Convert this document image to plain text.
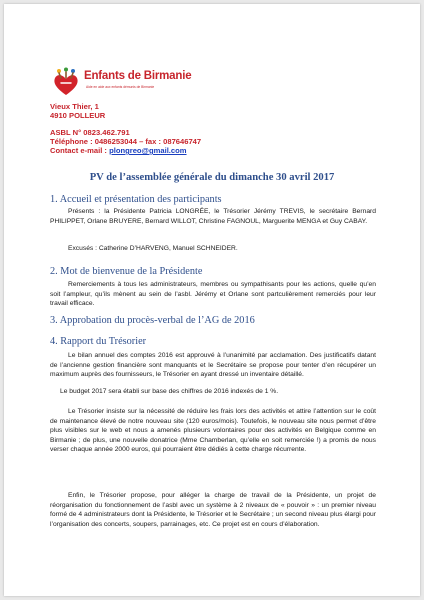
Enfants de Birmanie
Aide en aide aux enfants démunis de Birmanie
Vieux Thier, 1
4910 POLLEUR
ASBL N° 0823.462.791
Téléphone : 0486253044 – fax : 087646747
Contact e-mail : plongreo@gmail.com
PV de l’assemblée générale du dimanche 30 avril 2017
1. Accueil et présentation des participants

Présents : la Présidente Patricia LONGRÉE, le Trésorier Jérémy TREVIS, le secrétaire Bernard PHILIPPET, Orlane BRUYERE, Bernard WILLOT, Christine FAGNOUL, Marguerite MENGA et Guy CABAY.

Excusés : Catherine D’HARVENG, Manuel SCHNEIDER.

2. Mot de bienvenue de la Présidente

Remerciements à tous les administrateurs, membres ou sympathisants pour les actions, quelle qu’en soit l’ampleur, qu’ils mènent au sein de l’asbl. Jérémy et Orlane sont partculièrement remerciés pour leur travail efficace.

3. Approbation du procès-verbal de l’AG de 2016
4. Rapport du Trésorier

Le bilan annuel des comptes 2016 est approuvé à l’unanimité par acclamation. Des justificatifs datant de l’ancienne gestion financière sont manquants et le Secrétaire se propose pour tenter d’en récupérer un maximum auprès des fournisseurs, le Trésorier en ayant dressé un inventaire détaillé.

Le budget 2017 sera établi sur base des chiffres de 2016 indexés de 1 %.

Le Trésorier insiste sur la nécessité de réduire les frais lors des activités et attire l’attention sur le coût de maintenance élevé de notre nouveau site (120 euros/mois). Toutefois, le nouveau site nous permet d’être plus visibles sur le web et nous a amenés plusieurs volontaires pour des activités en Belgique comme en Birmanie ; de plus, une nouvelle donatrice (Mme Chamberlan, qu’elle en soit remerciée !) a promis de nous verser chaque année 2000 euros, qui pourraient être dédiés à cette charge récurrente.

Enfin, le Trésorier propose, pour alléger la charge de travail de la Présidente, un projet de réorganisation du fonctionnement de l’asbl avec un système à 2 niveaux de « pouvoir » : un premier niveau formé de 4 administrateurs dont la Présidente, le Trésorier et le Secrétaire ; un second niveau plus élargi pour l’organisation des concerts, soupers, parrainages, etc. Ce projet est en cours d’élaboration.
